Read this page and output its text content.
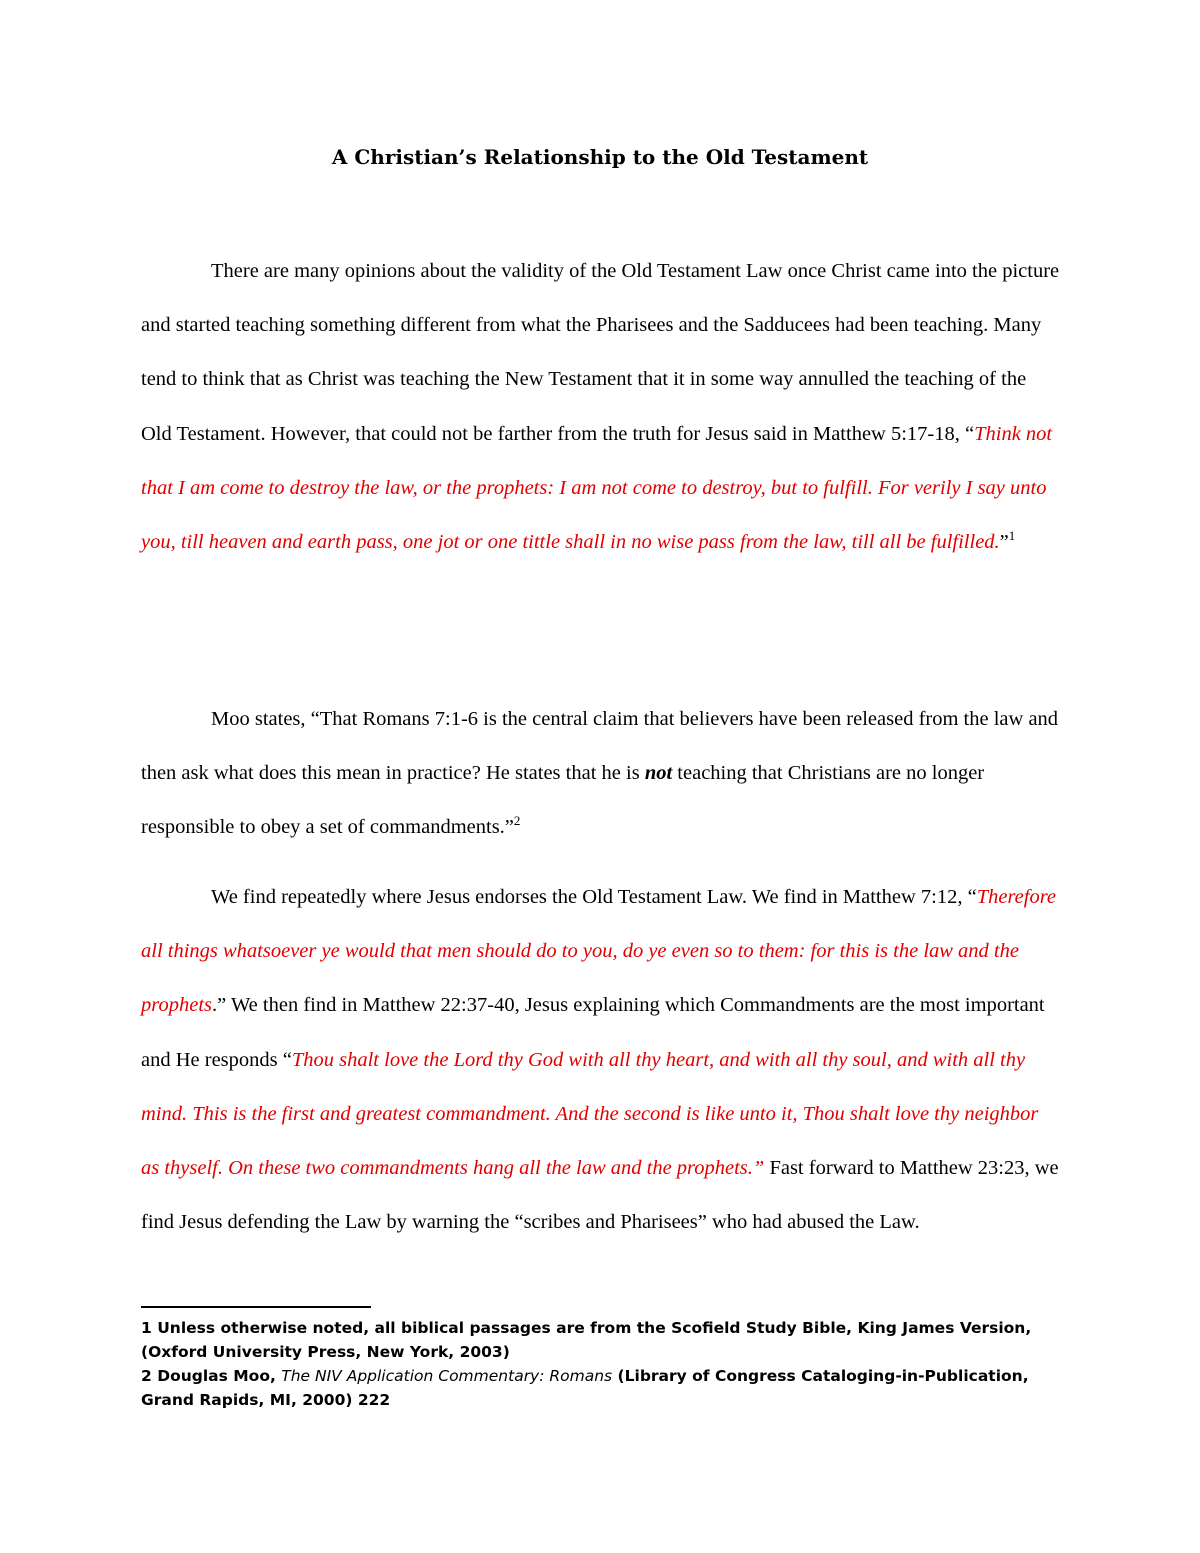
A Christian’s Relationship to the Old Testament

There are many opinions about the validity of the Old Testament Law once Christ came into the picture and started teaching something different from what the Pharisees and the Sadducees had been teaching. Many tend to think that as Christ was teaching the New Testament that it in some way annulled the teaching of the Old Testament. However, that could not be farther from the truth for Jesus said in Matthew 5:17-18, “Think not that I am come to destroy the law, or the prophets: I am not come to destroy, but to fulfill. For verily I say unto you, till heaven and earth pass, one jot or one tittle shall in no wise pass from the law, till all be fulfilled.”$^1$

Moo states, “That Romans 7:1-6 is the central claim that believers have been released from the law and then ask what does this mean in practice? He states that he is not teaching that Christians are no longer responsible to obey a set of commandments.”$^2$

We find repeatedly where Jesus endorses the Old Testament Law. We find in Matthew 7:12, “Therefore all things whatsoever ye would that men should do to you, do ye even so to them: for this is the law and the prophets.” We then find in Matthew 22:37-40, Jesus explaining which Commandments are the most important and He responds “Thou shalt love the Lord thy God with all thy heart, and with all thy soul, and with all thy mind. This is the first and greatest commandment. And the second is like unto it, Thou shalt love thy neighbor as thyself. On these two commandments hang all the law and the prophets.” Fast forward to Matthew 23:23, we find Jesus defending the Law by warning the “scribes and Pharisees” who had abused the Law.

1 Unless otherwise noted, all biblical passages are from the Scofield Study Bible, King James Version, (Oxford University Press, New York, 2003)

2 Douglas Moo, The NIV Application Commentary: Romans (Library of Congress Cataloging-in-Publication, Grand Rapids, MI, 2000) 222
